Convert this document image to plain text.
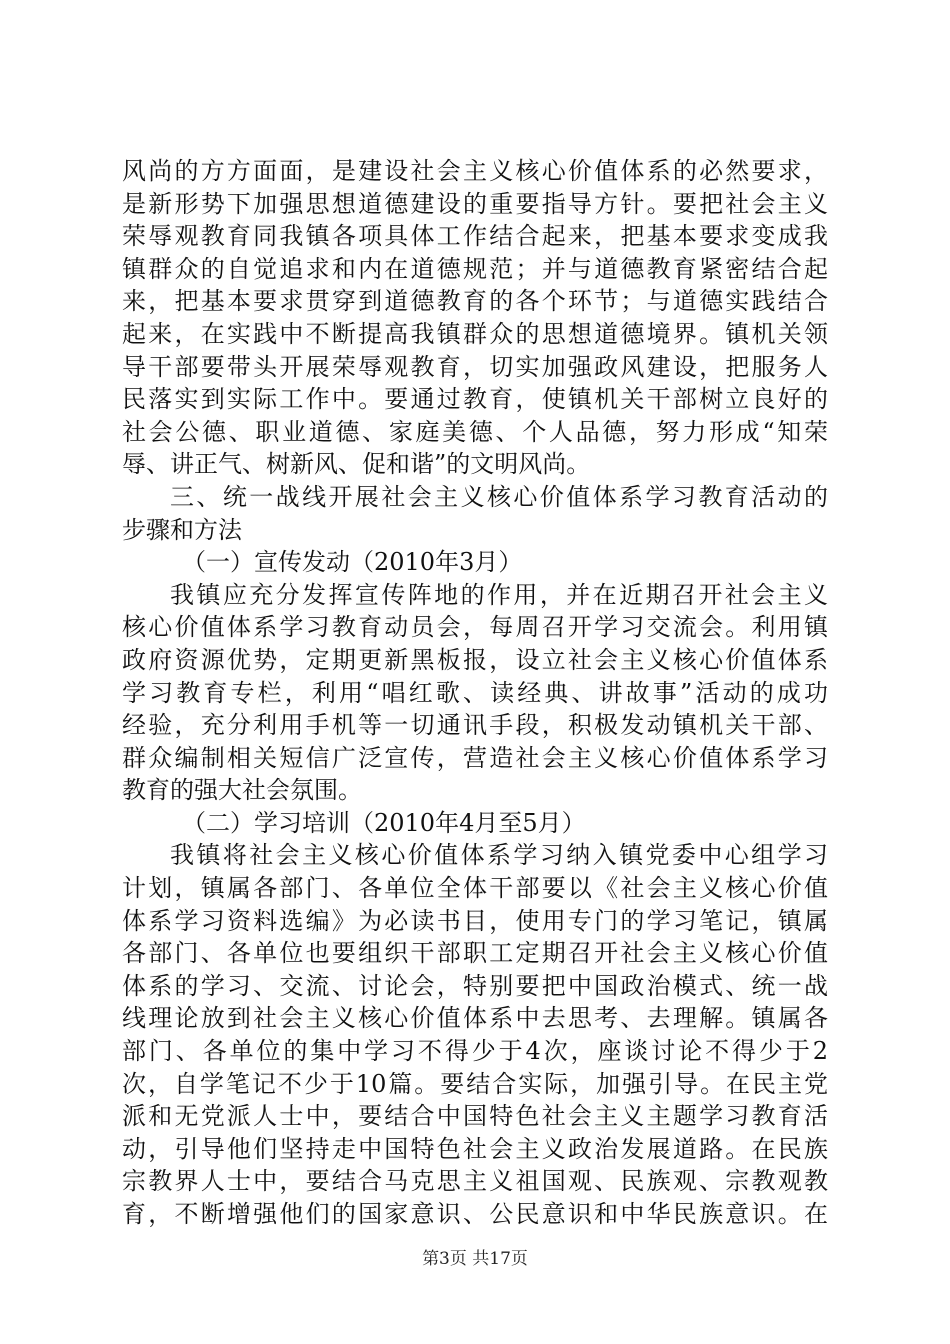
风尚的方方面面，是建设社会主义核心价值体系的必然要求，
是新形势下加强思想道德建设的重要指导方针。要把社会主义
荣辱观教育同我镇各项具体工作结合起来，把基本要求变成我
镇群众的自觉追求和内在道德规范；并与道德教育紧密结合起
来，把基本要求贯穿到道德教育的各个环节；与道德实践结合
起来，在实践中不断提高我镇群众的思想道德境界。镇机关领
导干部要带头开展荣辱观教育，切实加强政风建设，把服务人
民落实到实际工作中。要通过教育，使镇机关干部树立良好的
社会公德、职业道德、家庭美德、个人品德，努力形成“知荣
辱、讲正气、树新风、促和谐”的文明风尚。
三、统一战线开展社会主义核心价值体系学习教育活动的
步骤和方法
（一）宣传发动（2010年3月）
我镇应充分发挥宣传阵地的作用，并在近期召开社会主义
核心价值体系学习教育动员会，每周召开学习交流会。利用镇
政府资源优势，定期更新黑板报，设立社会主义核心价值体系
学习教育专栏，利用“唱红歌、读经典、讲故事”活动的成功
经验，充分利用手机等一切通讯手段，积极发动镇机关干部、
群众编制相关短信广泛宣传，营造社会主义核心价值体系学习
教育的强大社会氛围。
（二）学习培训（2010年4月至5月）
我镇将社会主义核心价值体系学习纳入镇党委中心组学习
计划，镇属各部门、各单位全体干部要以《社会主义核心价值
体系学习资料选编》为必读书目，使用专门的学习笔记，镇属
各部门、各单位也要组织干部职工定期召开社会主义核心价值
体系的学习、交流、讨论会，特别要把中国政治模式、统一战
线理论放到社会主义核心价值体系中去思考、去理解。镇属各
部门、各单位的集中学习不得少于4次，座谈讨论不得少于2
次，自学笔记不少于10篇。要结合实际，加强引导。在民主党
派和无党派人士中，要结合中国特色社会主义主题学习教育活
动，引导他们坚持走中国特色社会主义政治发展道路。在民族
宗教界人士中，要结合马克思主义祖国观、民族观、宗教观教
育，不断增强他们的国家意识、公民意识和中华民族意识。在
第3页 共17页
